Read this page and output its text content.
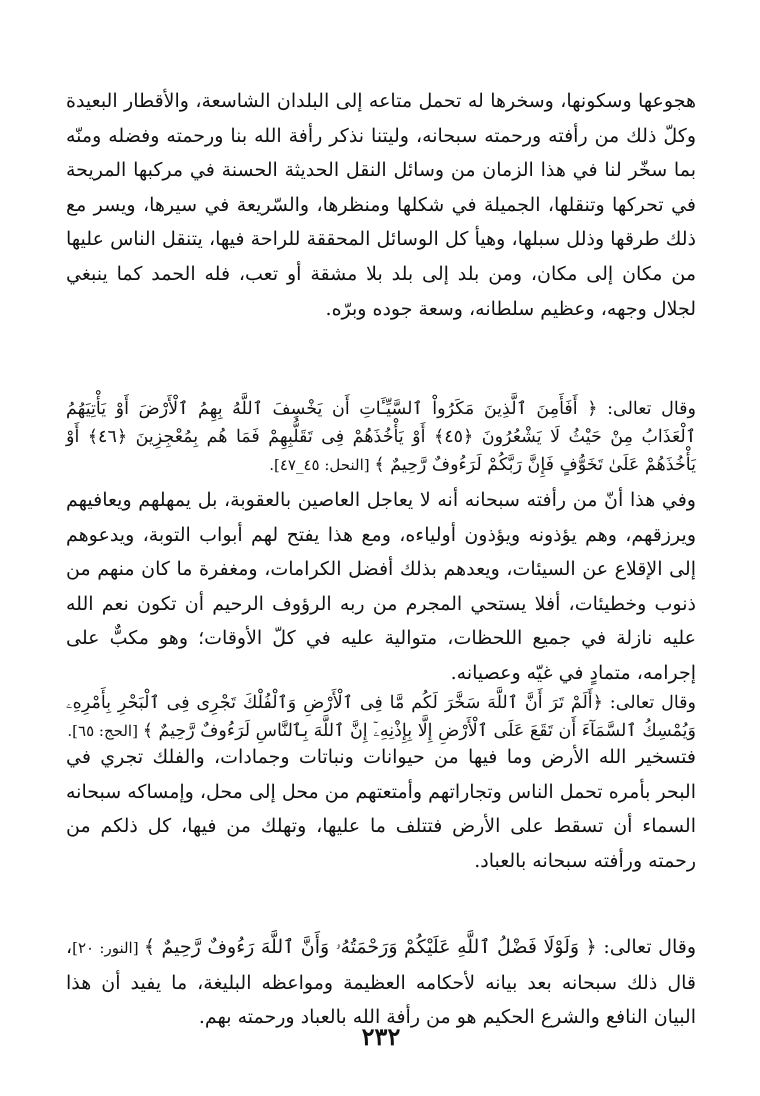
هجوعها وسكونها، وسخرها له تحمل متاعه إلى البلدان الشاسعة، والأقطار البعيدة وكلّ ذلك من رأفته ورحمته سبحانه، وليتنا نذكر رأفة الله بنا ورحمته وفضله ومنّه بما سخّر لنا في هذا الزمان من وسائل النقل الحديثة الحسنة في مركبها المريحة في تحركها وتنقلها، الجميلة في شكلها ومنظرها، والسّريعة في سيرها، ويسر مع ذلك طرقها وذلل سبلها، وهيأ كل الوسائل المحققة للراحة فيها، يتنقل الناس عليها من مكان إلى مكان، ومن بلد إلى بلد بلا مشقة أو تعب، فله الحمد كما ينبغي لجلال وجهه، وعظيم سلطانه، وسعة جوده وبرّه.

وقال تعالى: ﴿ أَفَأَمِنَ ٱلَّذِينَ مَكَرُواْ ٱلسَّيِّـَٔاتِ أَن يَخْسِفَ ٱللَّهُ بِهِمُ ٱلْأَرْضَ أَوْ يَأْتِيَهُمُ ٱلْعَذَابُ مِنْ حَيْثُ لَا يَشْعُرُونَ ﴿٤٥﴾ أَوْ يَأْخُذَهُمْ فِى تَقَلُّبِهِمْ فَمَا هُم بِمُعْجِزِينَ ﴿٤٦﴾ أَوْ يَأْخُذَهُمْ عَلَىٰ تَخَوُّفٍ فَإِنَّ رَبَّكُمْ لَرَءُوفٌ رَّحِيمٌ ﴾ [النحل: ٤٥_٤٧].

وفي هذا أنّ من رأفته سبحانه أنه لا يعاجل العاصين بالعقوبة، بل يمهلهم ويعافيهم ويرزقهم، وهم يؤذونه ويؤذون أولياءه، ومع هذا يفتح لهم أبواب التوبة، ويدعوهم إلى الإقلاع عن السيئات، ويعدهم بذلك أفضل الكرامات، ومغفرة ما كان منهم من ذنوب وخطيئات، أفلا يستحي المجرم من ربه الرؤوف الرحيم أن تكون نعم الله عليه نازلة في جميع اللحظات، متوالية عليه في كلّ الأوقات؛ وهو مكبٌّ على إجرامه، متمادٍ في غيّه وعصيانه.

وقال تعالى: ﴿أَلَمْ تَرَ أَنَّ ٱللَّهَ سَخَّرَ لَكُم مَّا فِى ٱلْأَرْضِ وَٱلْفُلْكَ تَجْرِى فِى ٱلْبَحْرِ بِأَمْرِهِۦ وَيُمْسِكُ ٱلسَّمَآءَ أَن تَقَعَ عَلَى ٱلْأَرْضِ إِلَّا بِإِذْنِهِۦٓ إِنَّ ٱللَّهَ بِٱلنَّاسِ لَرَءُوفٌ رَّحِيمٌ ﴾ [الحج: ٦٥].

فتسخير الله الأرض وما فيها من حيوانات ونباتات وجمادات، والفلك تجري في البحر بأمره تحمل الناس وتجاراتهم وأمتعتهم من محل إلى محل، وإمساكه سبحانه السماء أن تسقط على الأرض فتتلف ما عليها، وتهلك من فيها، كل ذلكم من رحمته ورأفته سبحانه بالعباد.

وقال تعالى: ﴿ وَلَوْلَا فَضْلُ ٱللَّهِ عَلَيْكُمْ وَرَحْمَتُهُۥ وَأَنَّ ٱللَّهَ رَءُوفٌ رَّحِيمٌ ﴾ [النور: ٢٠]، قال ذلك سبحانه بعد بيانه لأحكامه العظيمة ومواعظه البليغة، ما يفيد أن هذا البيان النافع والشرع الحكيم هو من رأفة الله بالعباد ورحمته بهم.

٢٣٢
